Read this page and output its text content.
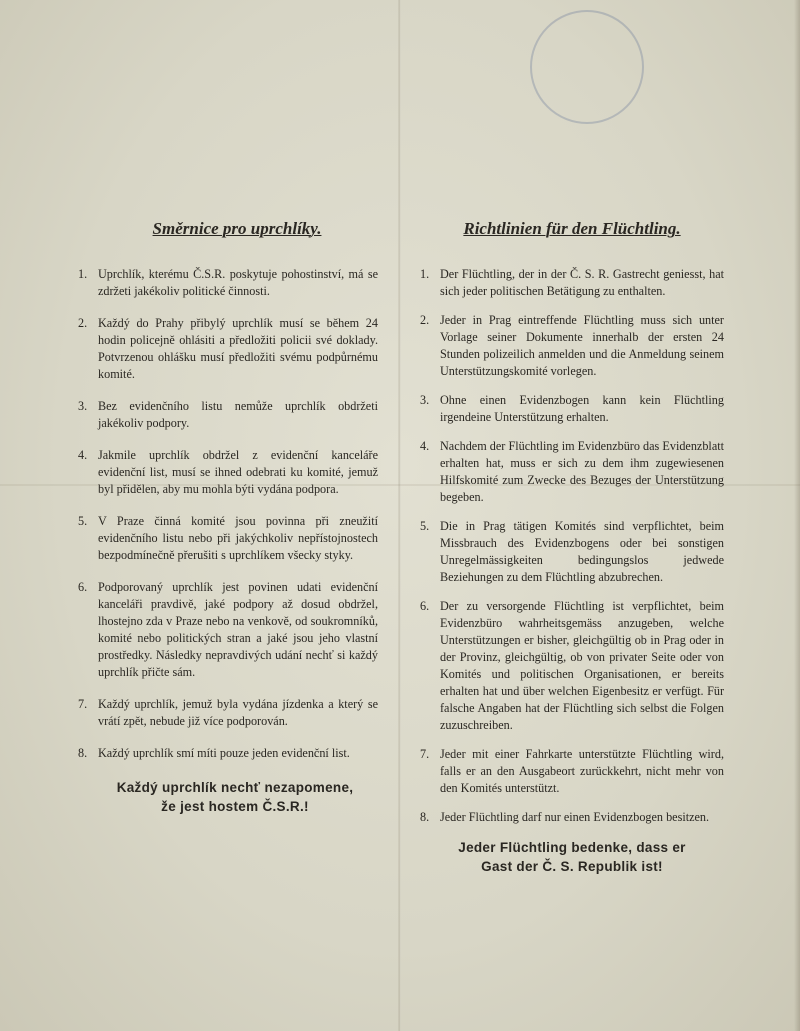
Směrnice pro uprchlíky.
1. Uprchlík, kterému Č.S.R. poskytuje pohostinství, má se zdržeti jakékoliv politické činnosti.
2. Každý do Prahy přibylý uprchlík musí se během 24 hodin policejně ohlásiti a předložiti policii své doklady. Potvrzenou ohlášku musí předložiti svému podpůrnému komité.
3. Bez evidenčního listu nemůže uprchlík obdržeti jakékoliv podpory.
4. Jakmile uprchlík obdržel z evidenční kanceláře evidenční list, musí se ihned odebrati ku komité, jemuž byl přidělen, aby mu mohla býti vydána podpora.
5. V Praze činná komité jsou povinna při zneužití evidenčního listu nebo při jakýchkoliv nepřístojnostech bezpodmínečně přerušiti s uprchlíkem všecky styky.
6. Podporovaný uprchlík jest povinen udati evidenční kanceláři pravdivě, jaké podpory až dosud obdržel, lhostejno zda v Praze nebo na venkově, od soukromníků, komité nebo politických stran a jaké jsou jeho vlastní prostředky. Následky nepravdivých udání nechť si každý uprchlík přičte sám.
7. Každý uprchlík, jemuž byla vydána jízdenka a který se vrátí zpět, nebude již více podporován.
8. Každý uprchlík smí míti pouze jeden evidenční list.
Každý uprchlík nechť nezapomene,
že jest hostem Č.S.R.!
Richtlinien für den Flüchtling.
1. Der Flüchtling, der in der Č. S. R. Gastrecht geniesst, hat sich jeder politischen Betätigung zu enthalten.
2. Jeder in Prag eintreffende Flüchtling muss sich unter Vorlage seiner Dokumente innerhalb der ersten 24 Stunden polizeilich anmelden und die Anmeldung seinem Unterstützungskomité vorlegen.
3. Ohne einen Evidenzbogen kann kein Flüchtling irgendeine Unterstützung erhalten.
4. Nachdem der Flüchtling im Evidenzbüro das Evidenzblatt erhalten hat, muss er sich zu dem ihm zugewiesenen Hilfskomité zum Zwecke des Bezuges der Unterstützung begeben.
5. Die in Prag tätigen Komités sind verpflichtet, beim Missbrauch des Evidenzbogens oder bei sonstigen Unregelmässigkeiten bedingungslos jedwede Beziehungen zu dem Flüchtling abzubrechen.
6. Der zu versorgende Flüchtling ist verpflichtet, beim Evidenzbüro wahrheitsgemäss anzugeben, welche Unterstützungen er bisher, gleichgültig ob in Prag oder in der Provinz, gleichgültig, ob von privater Seite oder von Komités und politischen Organisationen, er bereits erhalten hat und über welchen Eigenbesitz er verfügt. Für falsche Angaben hat der Flüchtling sich selbst die Folgen zuzuschreiben.
7. Jeder mit einer Fahrkarte unterstützte Flüchtling wird, falls er an den Ausgabeort zurückkehrt, nicht mehr von den Komités unterstützt.
8. Jeder Flüchtling darf nur einen Evidenzbogen besitzen.
Jeder Flüchtling bedenke, dass er
Gast der Č. S. Republik ist!
